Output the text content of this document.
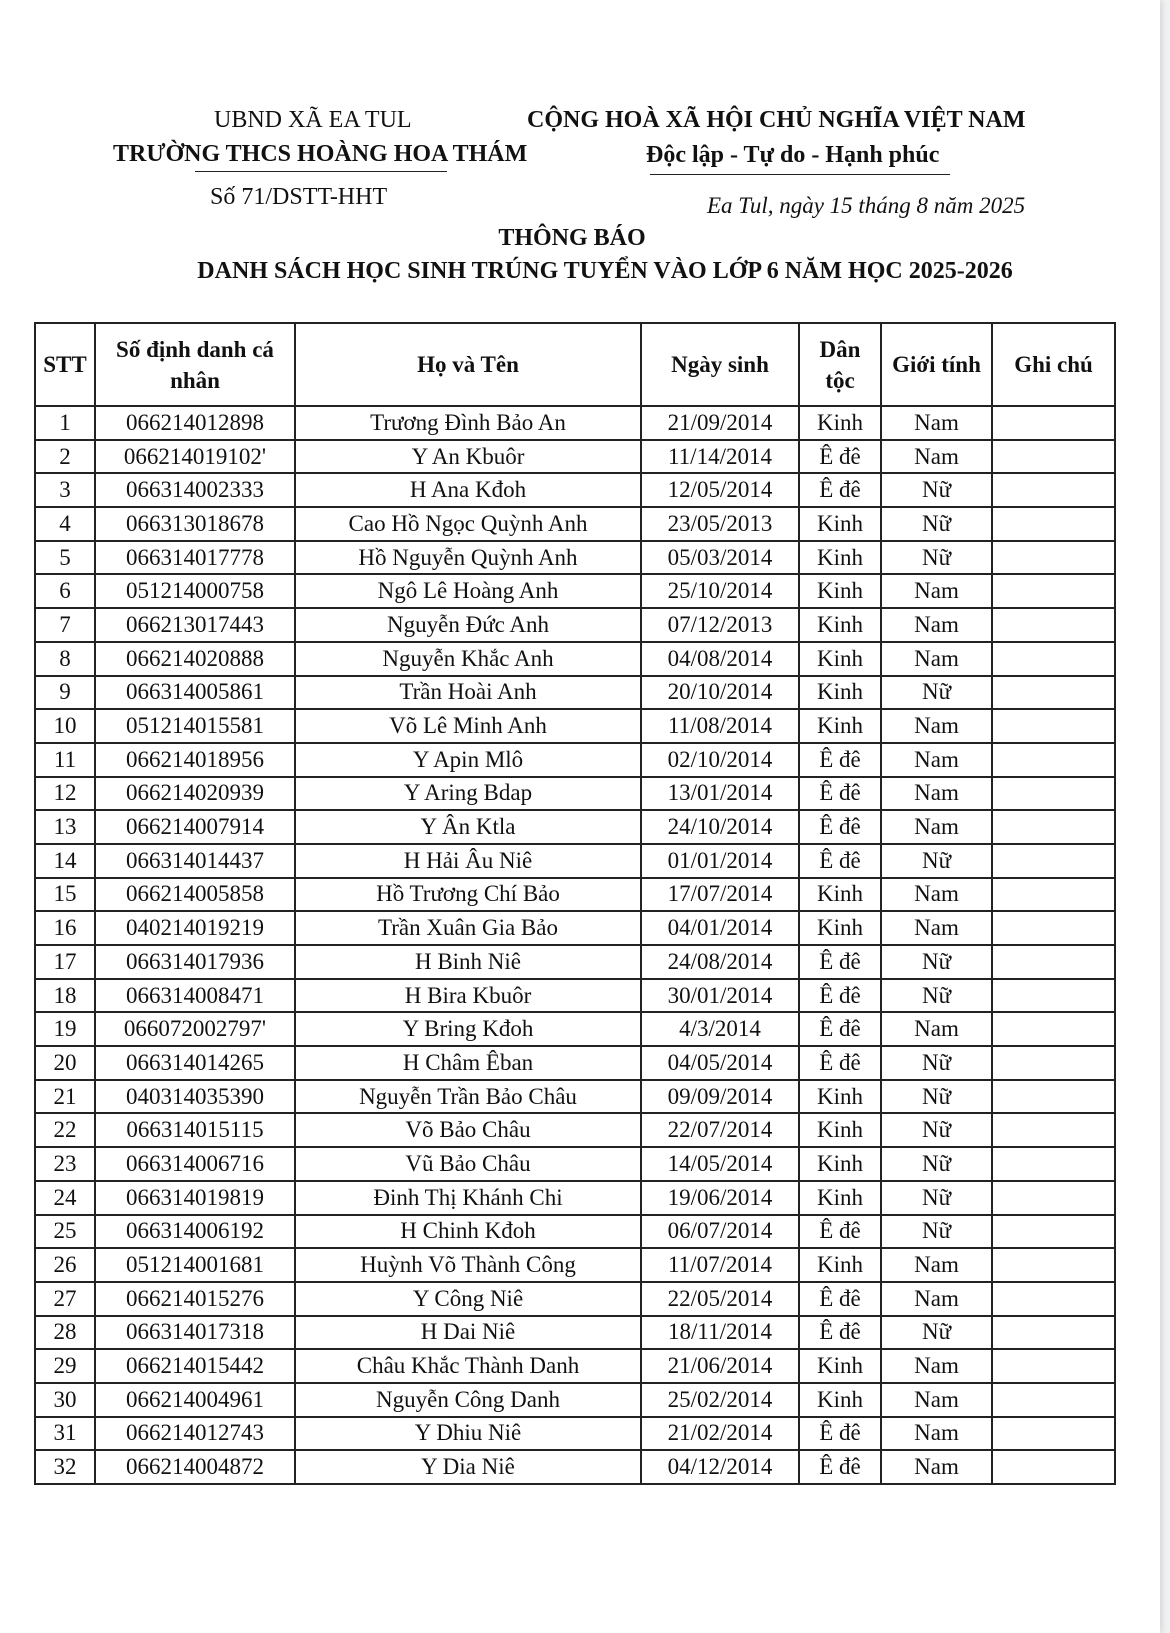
UBND XÃ EA TUL
TRƯỜNG THCS HOÀNG HOA THÁM
Số 71/DSTT-HHT
CỘNG HOÀ XÃ HỘI CHỦ NGHĨA VIỆT NAM
Độc lập - Tự do - Hạnh phúc
Ea Tul, ngày 15 tháng 8 năm 2025
THÔNG BÁO
DANH SÁCH HỌC SINH TRÚNG TUYỂN VÀO LỚP 6 NĂM HỌC 2025-2026
STT	Số định danh cá nhân	Họ và Tên	Ngày sinh	Dân tộc	Giới tính	Ghi chú
1	066214012898	Trương Đình Bảo An	21/09/2014	Kinh	Nam	
2	066214019102'	Y An Kbuôr	11/14/2014	Ê đê	Nam	
3	066314002333	H Ana Kđoh	12/05/2014	Ê đê	Nữ	
4	066313018678	Cao Hồ Ngọc Quỳnh Anh	23/05/2013	Kinh	Nữ	
5	066314017778	Hồ Nguyễn Quỳnh Anh	05/03/2014	Kinh	Nữ	
6	051214000758	Ngô Lê Hoàng Anh	25/10/2014	Kinh	Nam	
7	066213017443	Nguyễn Đức Anh	07/12/2013	Kinh	Nam	
8	066214020888	Nguyễn Khắc Anh	04/08/2014	Kinh	Nam	
9	066314005861	Trần Hoài Anh	20/10/2014	Kinh	Nữ	
10	051214015581	Võ Lê Minh Anh	11/08/2014	Kinh	Nam	
11	066214018956	Y Apin Mlô	02/10/2014	Ê đê	Nam	
12	066214020939	Y Aring Bdap	13/01/2014	Ê đê	Nam	
13	066214007914	Y Ân Ktla	24/10/2014	Ê đê	Nam	
14	066314014437	H Hải Âu Niê	01/01/2014	Ê đê	Nữ	
15	066214005858	Hồ Trương Chí Bảo	17/07/2014	Kinh	Nam	
16	040214019219	Trần Xuân Gia Bảo	04/01/2014	Kinh	Nam	
17	066314017936	H Binh Niê	24/08/2014	Ê đê	Nữ	
18	066314008471	H Bira Kbuôr	30/01/2014	Ê đê	Nữ	
19	066072002797'	Y Bring Kđoh	4/3/2014	Ê đê	Nam	
20	066314014265	H Châm Êban	04/05/2014	Ê đê	Nữ	
21	040314035390	Nguyễn Trần Bảo Châu	09/09/2014	Kinh	Nữ	
22	066314015115	Võ Bảo Châu	22/07/2014	Kinh	Nữ	
23	066314006716	Vũ Bảo Châu	14/05/2014	Kinh	Nữ	
24	066314019819	Đinh Thị Khánh Chi	19/06/2014	Kinh	Nữ	
25	066314006192	H Chinh Kđoh	06/07/2014	Ê đê	Nữ	
26	051214001681	Huỳnh Võ Thành Công	11/07/2014	Kinh	Nam	
27	066214015276	Y Công Niê	22/05/2014	Ê đê	Nam	
28	066314017318	H Dai Niê	18/11/2014	Ê đê	Nữ	
29	066214015442	Châu Khắc Thành Danh	21/06/2014	Kinh	Nam	
30	066214004961	Nguyễn Công Danh	25/02/2014	Kinh	Nam	
31	066214012743	Y Dhiu Niê	21/02/2014	Ê đê	Nam	
32	066214004872	Y Dia Niê	04/12/2014	Ê đê	Nam	
